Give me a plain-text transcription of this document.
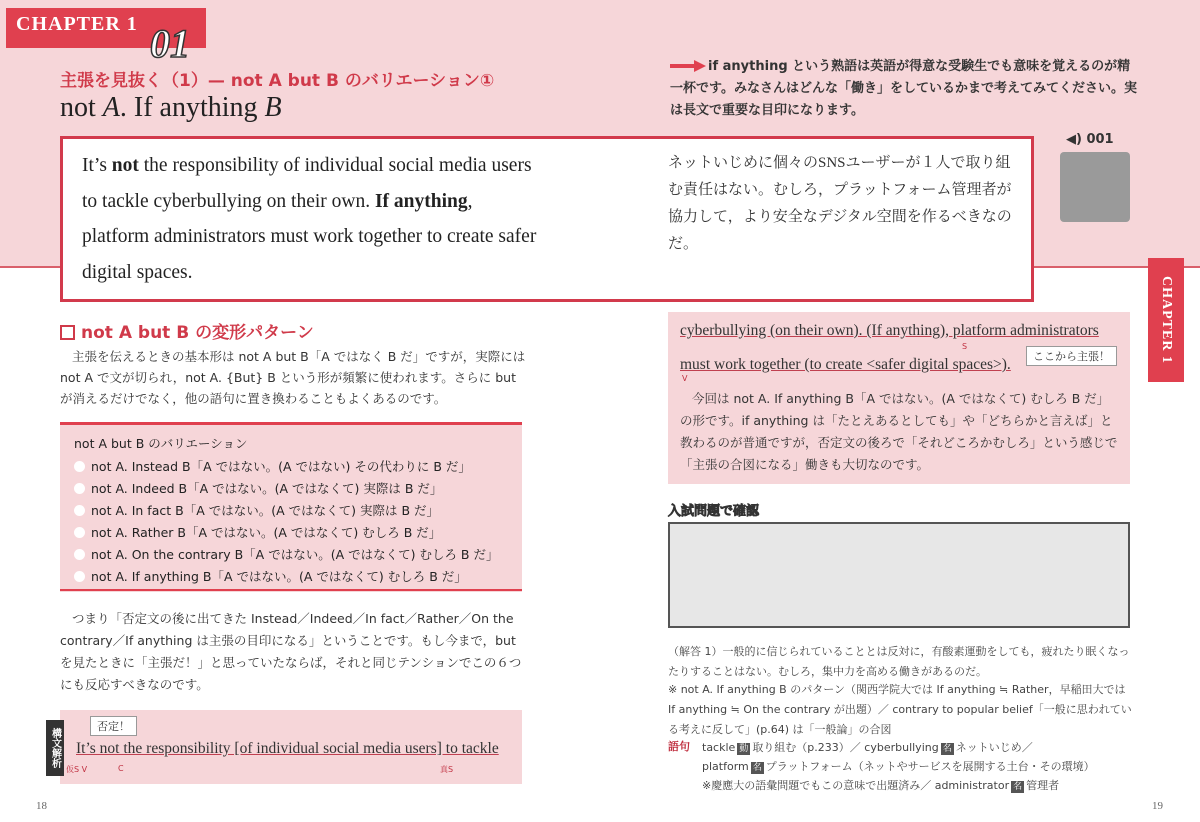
CHAPTER 1 01
主張を見抜く（1）— not A but B のバリエーション①
not A. If anything B
if anything という熟語は英語が得意な受験生でも意味を覚えるのが精一杯です。みなさんはどんな「働き」をしているかまで考えてみてください。実は長文で重要な目印になります。
It’s not the responsibility of individual social media users to tackle cyberbullying on their own. If anything, platform administrators must work together to create safer digital spaces.
ネットいじめに個々のSNSユーザーが１人で取り組む責任はない。むしろ，プラットフォーム管理者が協力して，より安全なデジタル空間を作るべきなのだ。
◀) 001
CHAPTER 1
not A but B の変形パターン
主張を伝えるときの基本形は not A but B「A ではなく B だ」ですが，実際には not A で文が切られ，not A. {But} B という形が頻繁に使われます。さらに but が消えるだけでなく，他の語句に置き換わることもよくあるのです。
not A but B のバリエーション
not A. Instead B「A ではない。(A ではない) その代わりに B だ」
not A. Indeed B「A ではない。(A ではなくて) 実際は B だ」
not A. In fact B「A ではない。(A ではなくて) 実際は B だ」
not A. Rather B「A ではない。(A ではなくて) むしろ B だ」
not A. On the contrary B「A ではない。(A ではなくて) むしろ B だ」
not A. If anything B「A ではない。(A ではなくて) むしろ B だ」
つまり「否定文の後に出てきた Instead／Indeed／In fact／Rather／On the contrary／If anything は主張の目印になる」ということです。もし今まで，but を見たときに「主張だ！」と思っていたならば，それと同じテンションでこの６つにも反応すべきなのです。
構文解析
否定！
It’s not the responsibility [of individual social media users] to tackle
仮S V	C	真S
cyberbullying (on their own). (If anything), platform administrators
must work together (to create <safer digital spaces>).	ここから主張！
S
V
今回は not A. If anything B「A ではない。(A ではなくて) むしろ B だ」の形です。if anything は「たとえあるとしても」や「どちらかと言えば」と教わるのが普通ですが，否定文の後ろで「それどころかむしろ」という感じで「主張の合図になる」働きも大切なのです。
入試問題で確認
（解答 1）一般的に信じられていることとは反対に，有酸素運動をしても，疲れたり眠くなったりすることはない。むしろ，集中力を高める働きがあるのだ。
※ not A. If anything B のパターン（関西学院大では If anything ≒ Rather，早稲田大では If anything ≒ On the contrary が出題）／ contrary to popular belief「一般に思われている考えに反して」(p.64) は「一般論」の合図
語句 tackle 動 取り組む（p.233）／ cyberbullying 名 ネットいじめ／
platform 名 プラットフォーム（ネットやサービスを展開する土台・その環境）
※慶應大の語彙問題でもこの意味で出題済み／ administrator 名 管理者
18	19
